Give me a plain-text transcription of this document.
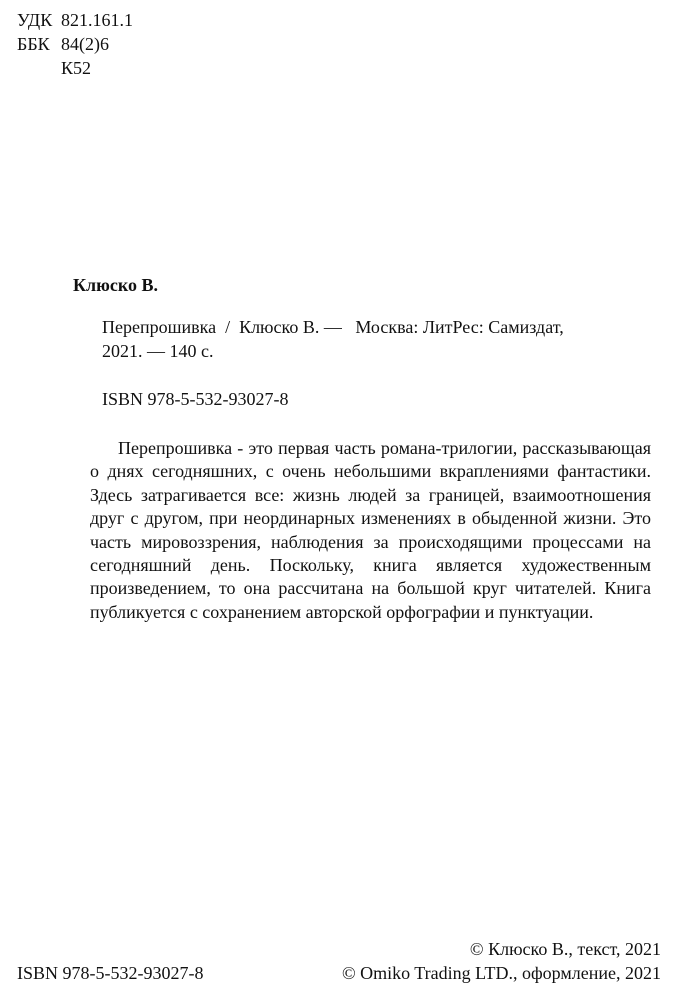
УДК 821.161.1
ББК 84(2)6
К52
Клюско В.
Перепрошивка  /  Клюско В. —   Москва: ЛитРес: Самиздат,
2021. — 140 с.
ISBN 978-5-532-93027-8

Перепрошивка - это первая часть романа-трилогии, рассказывающая о днях сегодняшних, с очень небольшими вкраплениями фантастики. Здесь затрагивается все: жизнь людей за границей, взаимоотношения друг с другом, при неординарных изменениях в обыденной жизни. Это часть мировоззрения, наблюдения за происходящими процессами на сегодняшний день. Поскольку, книга является художественным произведением, то она рассчитана на большой круг читателей. Книга публикуется с сохранением авторской орфографии и пунктуации.

ISBN 978-5-532-93027-8
© Клюско В., текст, 2021
© Omiko Trading LTD., оформление, 2021
